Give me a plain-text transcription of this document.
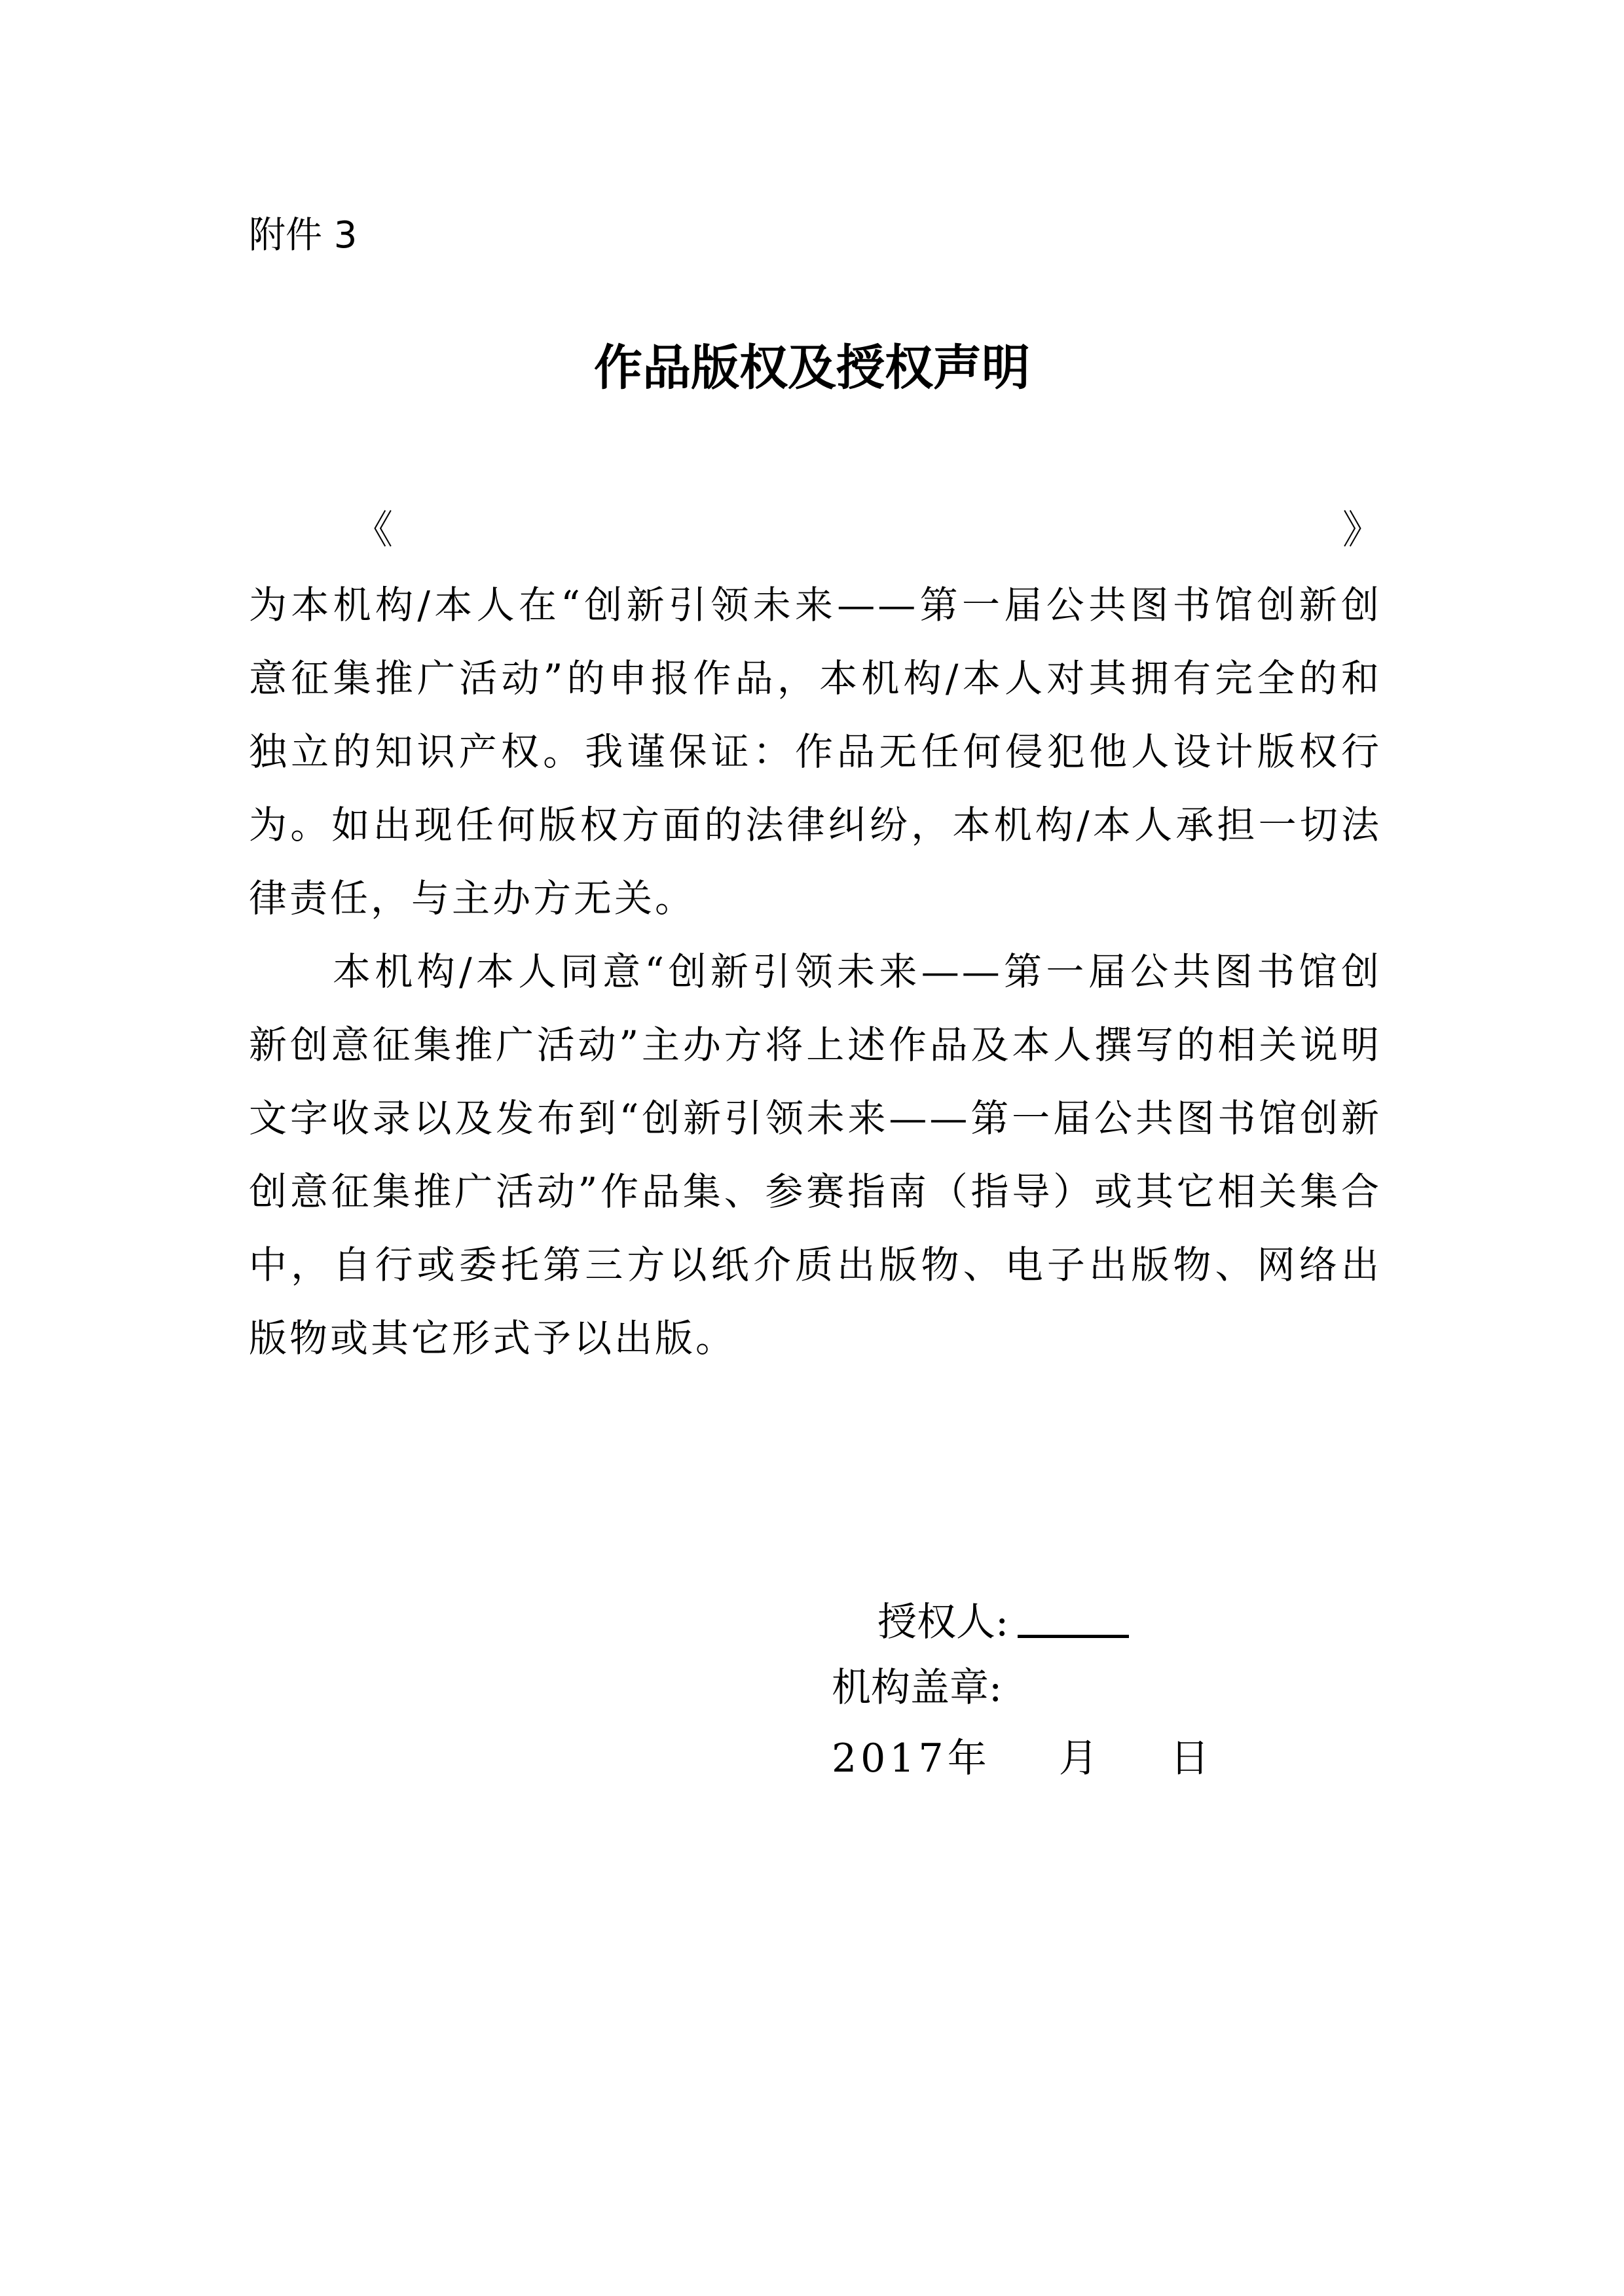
附件 3
作品版权及授权声明
《	》

为本机构/本人在“创新引领未来——第一届公共图书馆创新创意征集推广活动”的申报作品，本机构/本人对其拥有完全的和独立的知识产权。我谨保证：作品无任何侵犯他人设计版权行为。如出现任何版权方面的法律纠纷，本机构/本人承担一切法律责任，与主办方无关。

本机构/本人同意“创新引领未来——第一届公共图书馆创新创意征集推广活动”主办方将上述作品及本人撰写的相关说明文字收录以及发布到“创新引领未来——第一届公共图书馆创新创意征集推广活动”作品集、参赛指南（指导）或其它相关集合中，自行或委托第三方以纸介质出版物、电子出版物、网络出版物或其它形式予以出版。

授权人:
机构盖章:
2017年 月 日
